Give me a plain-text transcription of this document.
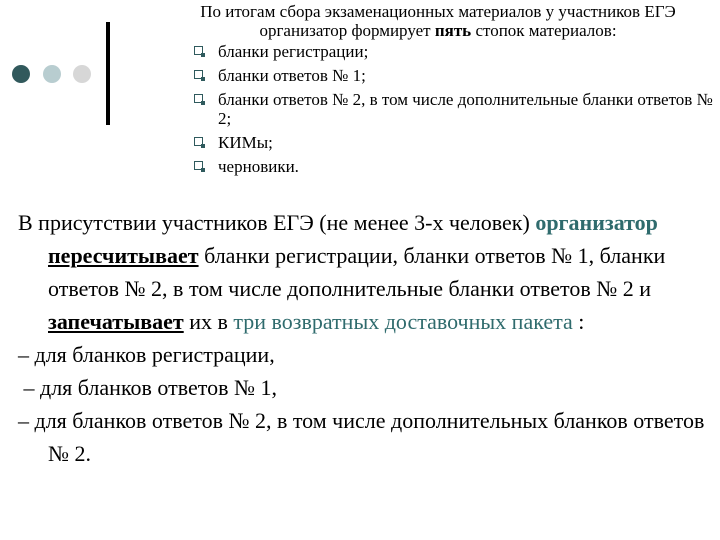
По итогам сбора экзаменационных материалов у участников ЕГЭ организатор формирует пять стопок материалов:
бланки регистрации;
бланки ответов № 1;
бланки ответов № 2, в том числе дополнительные бланки ответов № 2;
КИМы;
черновики.

В присутствии участников ЕГЭ (не менее 3-х человек) организатор пересчитывает бланки регистрации, бланки ответов № 1, бланки ответов № 2, в том числе дополнительные бланки ответов № 2 и запечатывает их в три возвратных доставочных пакета :

– для бланков регистрации,

– для бланков ответов № 1,

– для бланков ответов № 2, в том числе дополнительных бланков ответов № 2.
